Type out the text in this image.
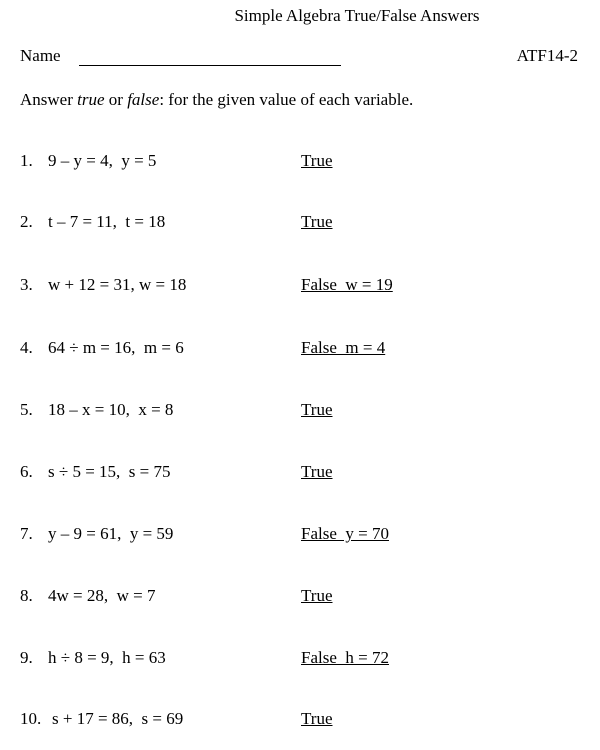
Simple Algebra True/False Answers
Name	ATF14-2
Answer true or false: for the given value of each variable.
1. 9 – y = 4,  y = 5	True
2. t – 7 = 11,  t = 18	True
3. w + 12 = 31, w = 18	False  w = 19
4. 64 ÷ m = 16,  m = 6	False  m = 4
5. 18 – x = 10,  x = 8	True
6. s ÷ 5 = 15,  s = 75	True
7. y – 9 = 61,  y = 59	False  y = 70
8. 4w = 28,  w = 7	True
9. h ÷ 8 = 9,  h = 63	False  h = 72
10. s + 17 = 86,  s = 69	True
